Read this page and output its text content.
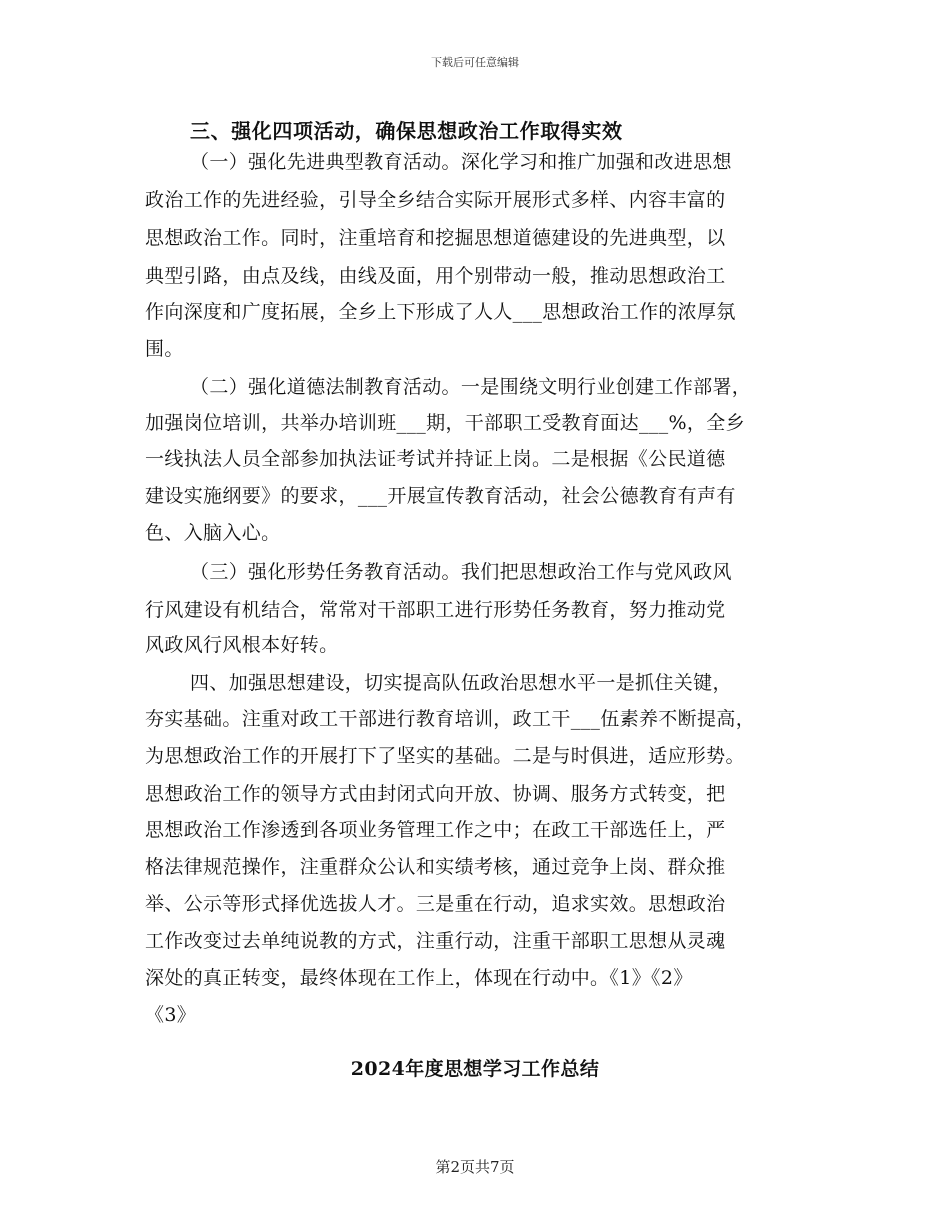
下载后可任意编辑
三、强化四项活动，确保思想政治工作取得实效
（一）强化先进典型教育活动。深化学习和推广加强和改进思想
政治工作的先进经验，引导全乡结合实际开展形式多样、内容丰富的
思想政治工作。同时，注重培育和挖掘思想道德建设的先进典型，以
典型引路，由点及线，由线及面，用个别带动一般，推动思想政治工
作向深度和广度拓展，全乡上下形成了人人___思想政治工作的浓厚氛
围。
（二）强化道德法制教育活动。一是围绕文明行业创建工作部署，
加强岗位培训，共举办培训班___期，干部职工受教育面达___%，全乡
一线执法人员全部参加执法证考试并持证上岗。二是根据《公民道德
建设实施纲要》的要求，___开展宣传教育活动，社会公德教育有声有
色、入脑入心。
（三）强化形势任务教育活动。我们把思想政治工作与党风政风
行风建设有机结合，常常对干部职工进行形势任务教育，努力推动党
风政风行风根本好转。
四、加强思想建设，切实提高队伍政治思想水平一是抓住关键，
夯实基础。注重对政工干部进行教育培训，政工干___伍素养不断提高，
为思想政治工作的开展打下了坚实的基础。二是与时俱进，适应形势。
思想政治工作的领导方式由封闭式向开放、协调、服务方式转变，把
思想政治工作渗透到各项业务管理工作之中；在政工干部选任上，严
格法律规范操作，注重群众公认和实绩考核，通过竞争上岗、群众推
举、公示等形式择优选拔人才。三是重在行动，追求实效。思想政治
工作改变过去单纯说教的方式，注重行动，注重干部职工思想从灵魂
深处的真正转变，最终体现在工作上，体现在行动中。《1》《2》
《3》
2024年度思想学习工作总结
第2页共7页
